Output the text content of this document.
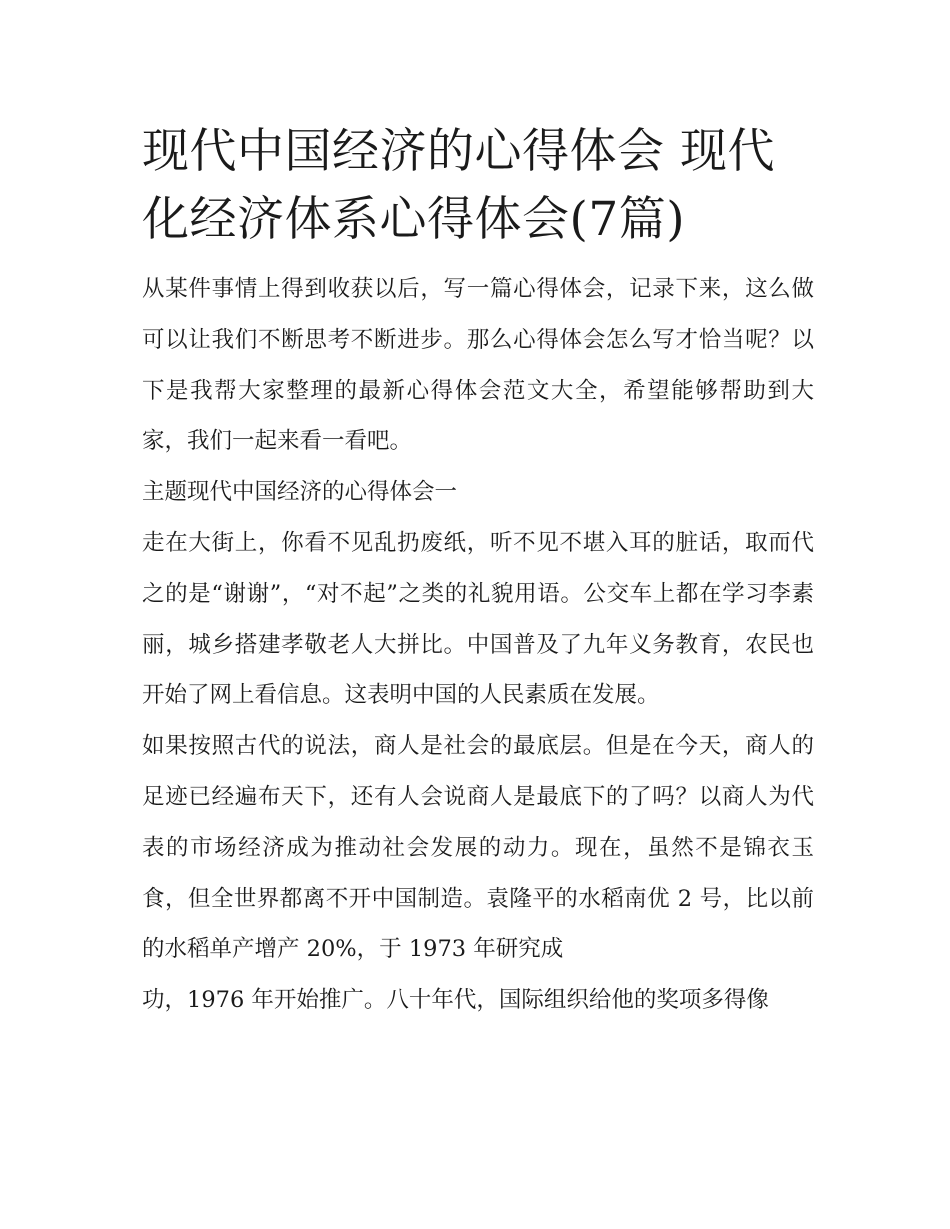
现代中国经济的心得体会 现代化经济体系心得体会(7篇)

从某件事情上得到收获以后，写一篇心得体会，记录下来，这么做可以让我们不断思考不断进步。那么心得体会怎么写才恰当呢？以下是我帮大家整理的最新心得体会范文大全，希望能够帮助到大家，我们一起来看一看吧。

主题现代中国经济的心得体会一

走在大街上，你看不见乱扔废纸，听不见不堪入耳的脏话，取而代之的是“谢谢”，“对不起”之类的礼貌用语。公交车上都在学习李素丽，城乡搭建孝敬老人大拼比。中国普及了九年义务教育，农民也开始了网上看信息。这表明中国的人民素质在发展。

如果按照古代的说法，商人是社会的最底层。但是在今天，商人的足迹已经遍布天下，还有人会说商人是最底下的了吗？以商人为代表的市场经济成为推动社会发展的动力。现在，虽然不是锦衣玉食，但全世界都离不开中国制造。袁隆平的水稻南优 2 号，比以前的水稻单产增产 20%，于 1973 年研究成

功，1976 年开始推广。八十年代，国际组织给他的奖项多得像
